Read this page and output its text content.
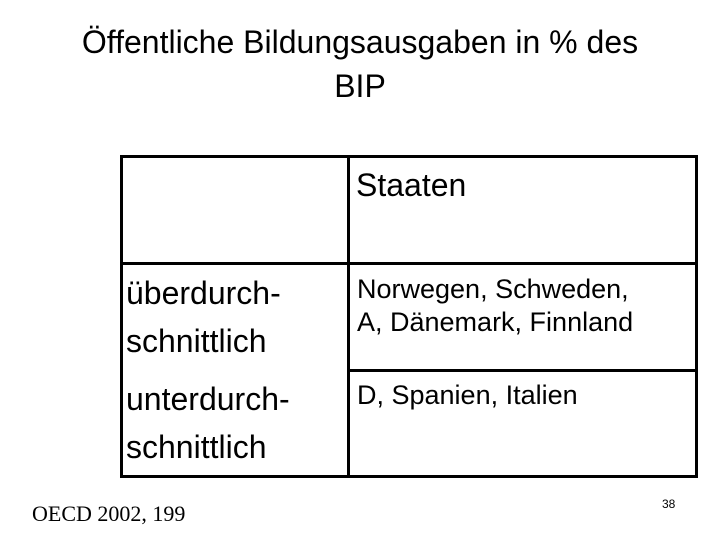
Öffentliche Bildungsausgaben in % des
BIP
Staaten
überdurch-
schnittlich
Norwegen, Schweden,
A, Dänemark, Finnland
unterdurch-
schnittlich
D, Spanien, Italien
OECD 2002, 199	38
